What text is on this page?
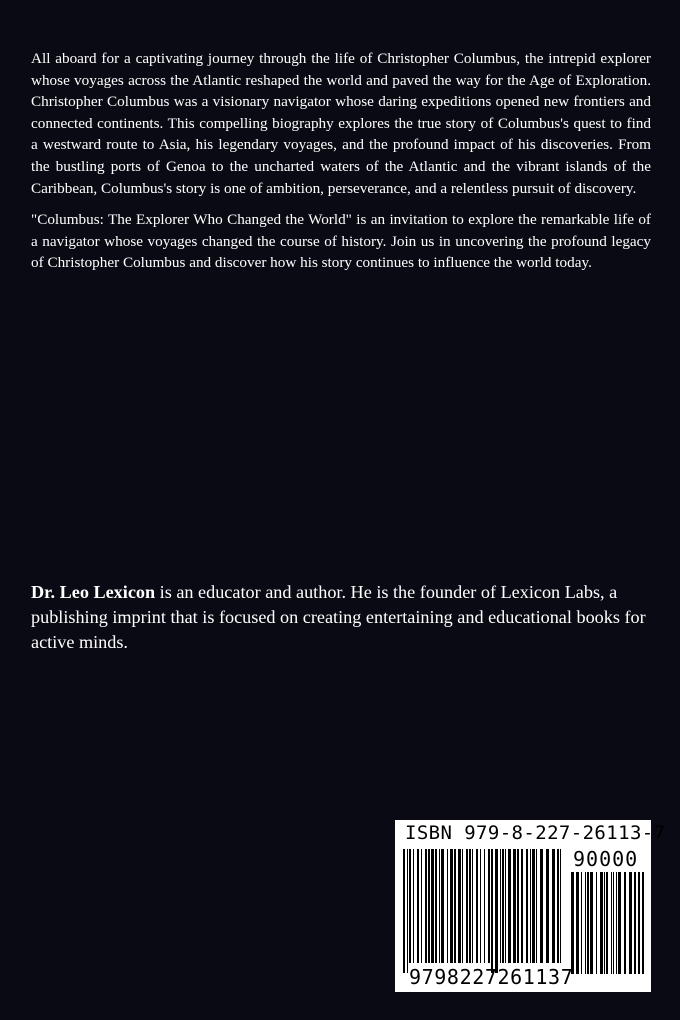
All aboard for a captivating journey through the life of Christopher Columbus, the intrepid explorer whose voyages across the Atlantic reshaped the world and paved the way for the Age of Exploration. Christopher Columbus was a visionary navigator whose daring expeditions opened new frontiers and connected continents. This compelling biography explores the true story of Columbus's quest to find a westward route to Asia, his legendary voyages, and the profound impact of his discoveries. From the bustling ports of Genoa to the uncharted waters of the Atlantic and the vibrant islands of the Caribbean, Columbus's story is one of ambition, perseverance, and a relentless pursuit of discovery.

"Columbus: The Explorer Who Changed the World" is an invitation to explore the remarkable life of a navigator whose voyages changed the course of history. Join us in uncovering the profound legacy of Christopher Columbus and discover how his story continues to influence the world today.

Dr. Leo Lexicon is an educator and author. He is the founder of Lexicon Labs, a publishing imprint that is focused on creating entertaining and educational books for active minds.

ISBN 979-8-227-26113-7
90000
9798227261137
